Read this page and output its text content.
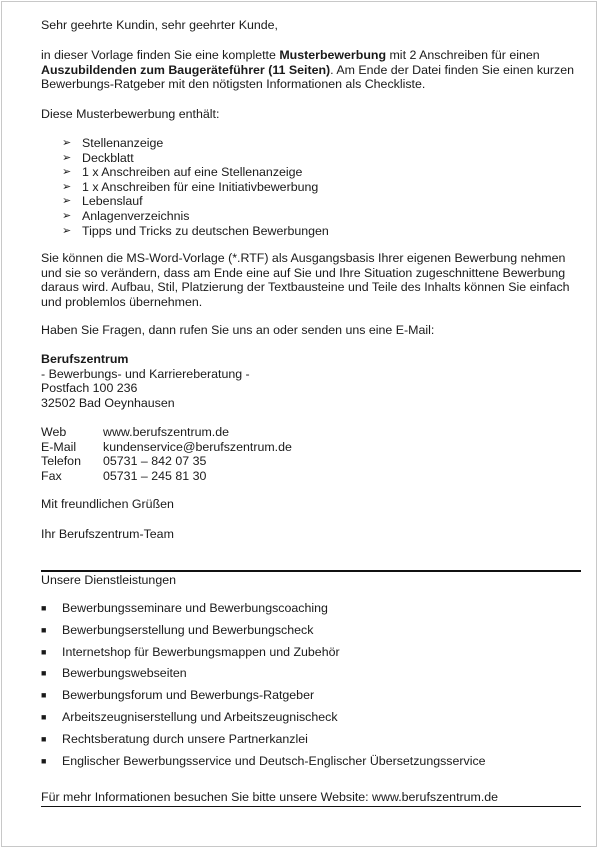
Sehr geehrte Kundin, sehr geehrter Kunde,

in dieser Vorlage finden Sie eine komplette Musterbewerbung mit 2 Anschreiben für einen Auszubildenden zum Baugeräteführer (11 Seiten). Am Ende der Datei finden Sie einen kurzen Bewerbungs-Ratgeber mit den nötigsten Informationen als Checkliste.

Diese Musterbewerbung enthält:

➢ Stellenanzeige
➢ Deckblatt
➢ 1 x Anschreiben auf eine Stellenanzeige
➢ 1 x Anschreiben für eine Initiativbewerbung
➢ Lebenslauf
➢ Anlagenverzeichnis
➢ Tipps und Tricks zu deutschen Bewerbungen

Sie können die MS-Word-Vorlage (*.RTF) als Ausgangsbasis Ihrer eigenen Bewerbung nehmen und sie so verändern, dass am Ende eine auf Sie und Ihre Situation zugeschnittene Bewerbung daraus wird. Aufbau, Stil, Platzierung der Textbausteine und Teile des Inhalts können Sie einfach und problemlos übernehmen.

Haben Sie Fragen, dann rufen Sie uns an oder senden uns eine E-Mail:

Berufszentrum
- Bewerbungs- und Karriereberatung -
Postfach 100 236
32502 Bad Oeynhausen
Web	www.berufszentrum.de
E-Mail	kundenservice@berufszentrum.de
Telefon	05731 – 842 07 35
Fax	05731 – 245 81 30

Mit freundlichen Grüßen

Ihr Berufszentrum-Team

Unsere Dienstleistungen
■	Bewerbungsseminare und Bewerbungscoaching
■	Bewerbungserstellung und Bewerbungscheck
■	Internetshop für Bewerbungsmappen und Zubehör
■	Bewerbungswebseiten
■	Bewerbungsforum und Bewerbungs-Ratgeber
■	Arbeitszeugniserstellung und Arbeitszeugnischeck
■	Rechtsberatung durch unsere Partnerkanzlei
■	Englischer Bewerbungsservice und Deutsch-Englischer Übersetzungsservice
Für mehr Informationen besuchen Sie bitte unsere Website: www.berufszentrum.de
